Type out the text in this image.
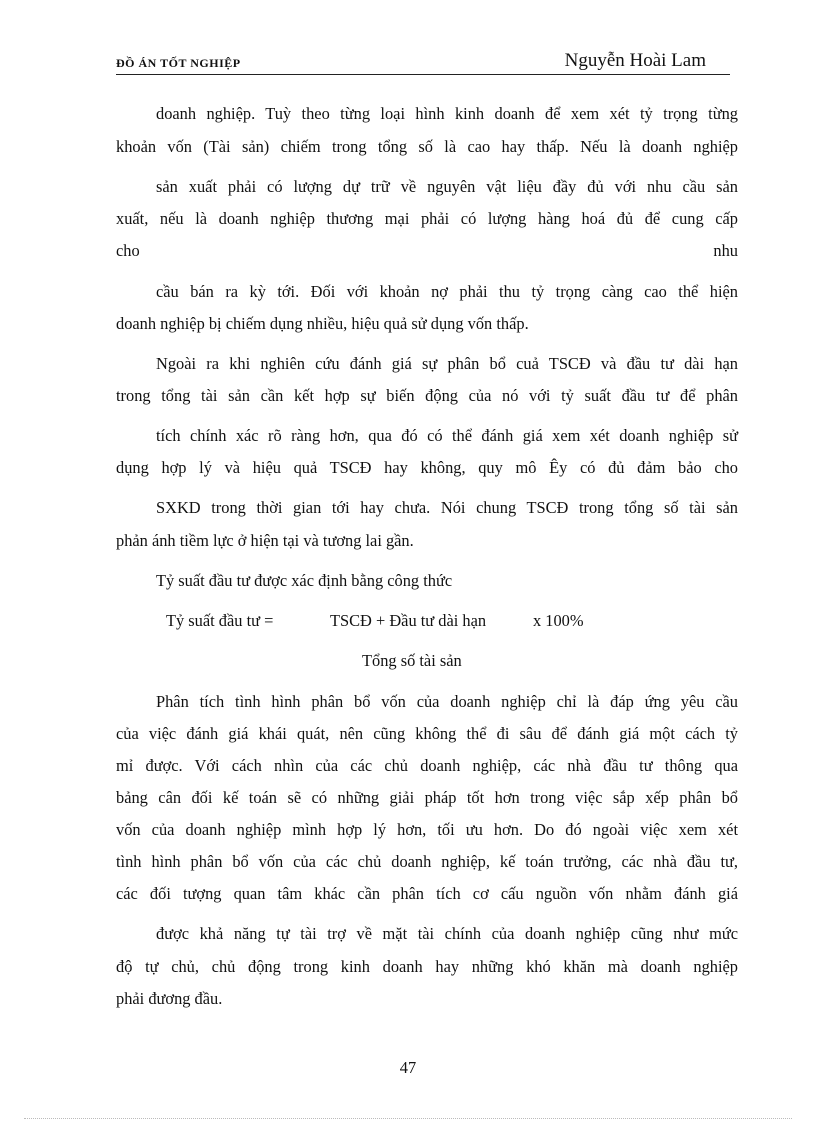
ĐỒ ÁN TỐT NGHIỆP	Nguyễn Hoài Lam
doanh nghiệp. Tuỳ theo từng loại hình kinh doanh để xem xét tỷ trọng từng
khoản vốn (Tài sản) chiếm trong tổng số là cao hay thấp. Nếu là doanh nghiệp
sản xuất phải có lượng dự trữ về nguyên vật liệu đầy đủ với nhu cầu sản
xuất, nếu là doanh nghiệp thương mại phải có lượng hàng hoá đủ để cung cấp
cho	nhu
cầu bán ra kỳ tới. Đối với khoản nợ phải thu tỷ trọng càng cao thể hiện
doanh nghiệp bị chiếm dụng nhiều, hiệu quả sử dụng vốn thấp.
Ngoài ra khi nghiên cứu đánh giá sự phân bổ cuả TSCĐ và đầu tư dài hạn
trong tổng tài sản cần kết hợp sự biến động của nó với tỷ suất đầu tư để phân
tích chính xác rõ ràng hơn, qua đó có thể đánh giá xem xét doanh nghiệp sử
dụng hợp lý và hiệu quả TSCĐ hay không, quy mô Êy có đủ đảm bảo cho
SXKD trong thời gian tới hay chưa. Nói chung TSCĐ trong tổng số tài sản
phản ánh tiềm lực ở hiện tại và tương lai gần.
Tỷ suất đầu tư được xác định bằng công thức
Tỷ suất đầu tư =	TSCĐ + Đầu tư dài hạn	x 100%
Tổng số tài sản
Phân tích tình hình phân bổ vốn của doanh nghiệp chỉ là đáp ứng yêu cầu
của việc đánh giá khái quát, nên cũng không thể đi sâu để đánh giá một cách tỷ
mỉ được. Với cách nhìn của các chủ doanh nghiệp, các nhà đầu tư thông qua
bảng cân đối kế toán sẽ có những giải pháp tốt hơn trong việc sắp xếp phân bổ
vốn của doanh nghiệp mình hợp lý hơn, tối ưu hơn. Do đó ngoài việc xem xét
tình hình phân bổ vốn của các chủ doanh nghiệp, kế toán trưởng, các nhà đầu tư,
các đối tượng quan tâm khác cần phân tích cơ cấu nguồn vốn nhằm đánh giá
được khả năng tự tài trợ về mặt tài chính của doanh nghiệp cũng như mức
độ tự chủ, chủ động trong kinh doanh hay những khó khăn mà doanh nghiệp
phải đương đầu.
47
